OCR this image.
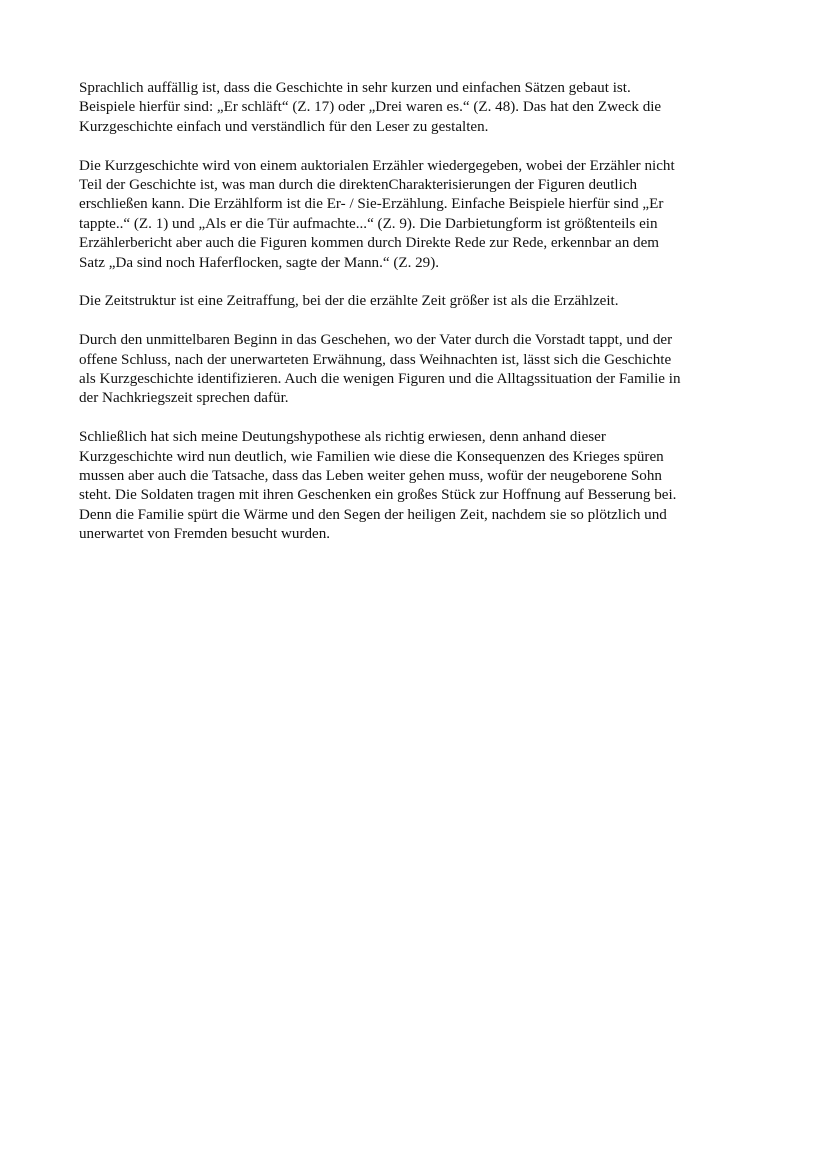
Sprachlich auffällig ist, dass die Geschichte in sehr kurzen und einfachen Sätzen gebaut ist.
Beispiele hierfür sind: „Er schläft“ (Z. 17) oder „Drei waren es.“ (Z. 48). Das hat den Zweck die
Kurzgeschichte einfach und verständlich für den Leser zu gestalten.

Die Kurzgeschichte wird von einem auktorialen Erzähler wiedergegeben, wobei der Erzähler nicht
Teil der Geschichte ist, was man durch die direktenCharakterisierungen der Figuren deutlich
erschließen kann. Die Erzählform ist die Er- / Sie-Erzählung. Einfache Beispiele hierfür sind „Er
tappte..“ (Z. 1) und „Als er die Tür aufmachte...“ (Z. 9). Die Darbietungform ist größtenteils ein
Erzählerbericht aber auch die Figuren kommen durch Direkte Rede zur Rede, erkennbar an dem
Satz „Da sind noch Haferflocken, sagte der Mann.“ (Z. 29).

Die Zeitstruktur ist eine Zeitraffung, bei der die erzählte Zeit größer ist als die Erzählzeit.

Durch den unmittelbaren Beginn in das Geschehen, wo der Vater durch die Vorstadt tappt, und der
offene Schluss, nach der unerwarteten Erwähnung, dass Weihnachten ist, lässt sich die Geschichte
als Kurzgeschichte identifizieren. Auch die wenigen Figuren und die Alltagssituation der Familie in
der Nachkriegszeit sprechen dafür.

Schließlich hat sich meine Deutungshypothese als richtig erwiesen, denn anhand dieser
Kurzgeschichte wird nun deutlich, wie Familien wie diese die Konsequenzen des Krieges spüren
mussen aber auch die Tatsache, dass das Leben weiter gehen muss, wofür der neugeborene Sohn
steht. Die Soldaten tragen mit ihren Geschenken ein großes Stück zur Hoffnung auf Besserung bei.
Denn die Familie spürt die Wärme und den Segen der heiligen Zeit, nachdem sie so plötzlich und
unerwartet von Fremden besucht wurden.
